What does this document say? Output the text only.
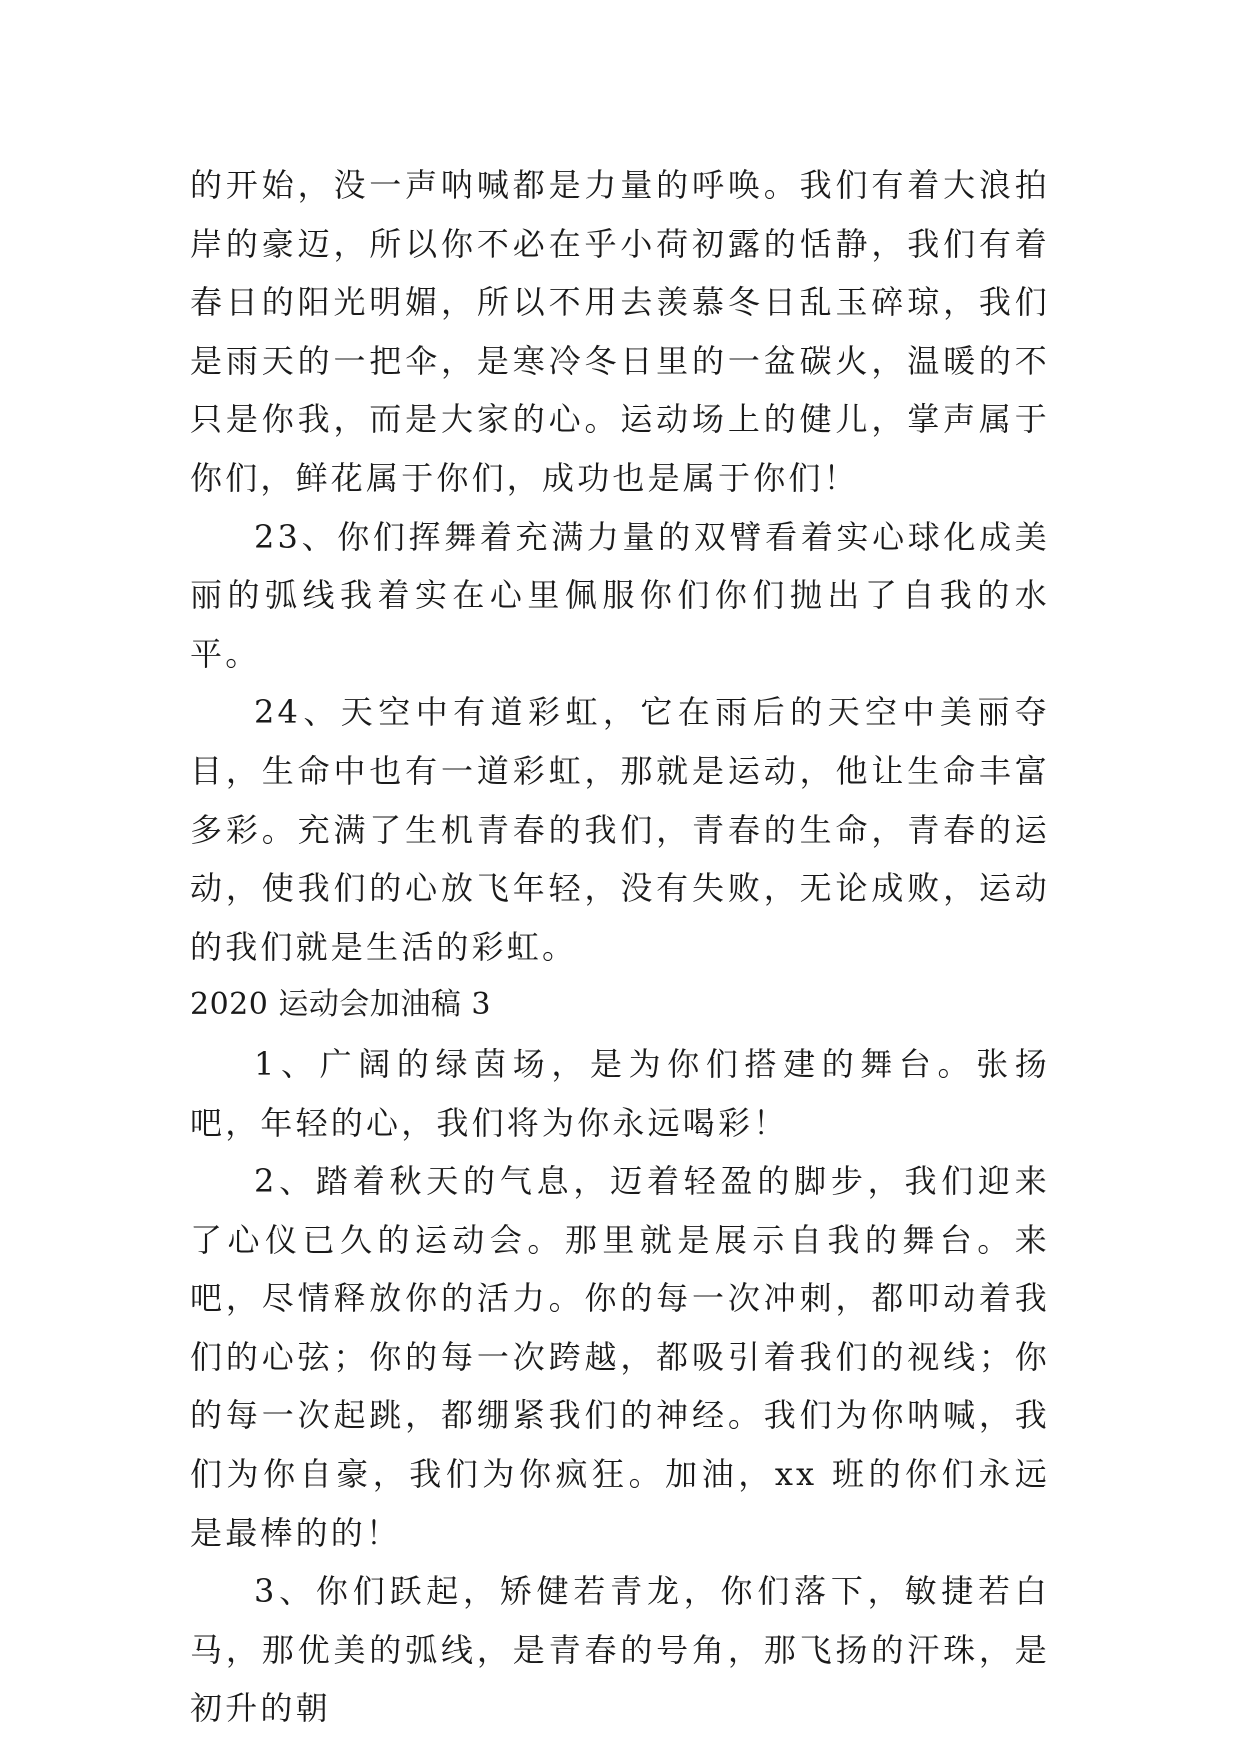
的开始，没一声呐喊都是力量的呼唤。我们有着大浪拍岸的豪迈，所以你不必在乎小荷初露的恬静，我们有着春日的阳光明媚，所以不用去羡慕冬日乱玉碎琼，我们是雨天的一把伞，是寒冷冬日里的一盆碳火，温暖的不只是你我，而是大家的心。运动场上的健儿，掌声属于你们，鲜花属于你们，成功也是属于你们！

23、你们挥舞着充满力量的双臂看着实心球化成美丽的弧线我着实在心里佩服你们你们抛出了自我的水平。

24、天空中有道彩虹，它在雨后的天空中美丽夺目，生命中也有一道彩虹，那就是运动，他让生命丰富多彩。充满了生机青春的我们，青春的生命，青春的运动，使我们的心放飞年轻，没有失败，无论成败，运动的我们就是生活的彩虹。

2020 运动会加油稿 3

1、广阔的绿茵场，是为你们搭建的舞台。张扬吧，年轻的心，我们将为你永远喝彩！

2、踏着秋天的气息，迈着轻盈的脚步，我们迎来了心仪已久的运动会。那里就是展示自我的舞台。来吧，尽情释放你的活力。你的每一次冲刺，都叩动着我们的心弦；你的每一次跨越，都吸引着我们的视线；你的每一次起跳，都绷紧我们的神经。我们为你呐喊，我们为你自豪，我们为你疯狂。加油，xx 班的你们永远是最棒的的！

3、你们跃起，矫健若青龙，你们落下，敏捷若白马，那优美的弧线，是青春的号角，那飞扬的汗珠，是初升的朝
